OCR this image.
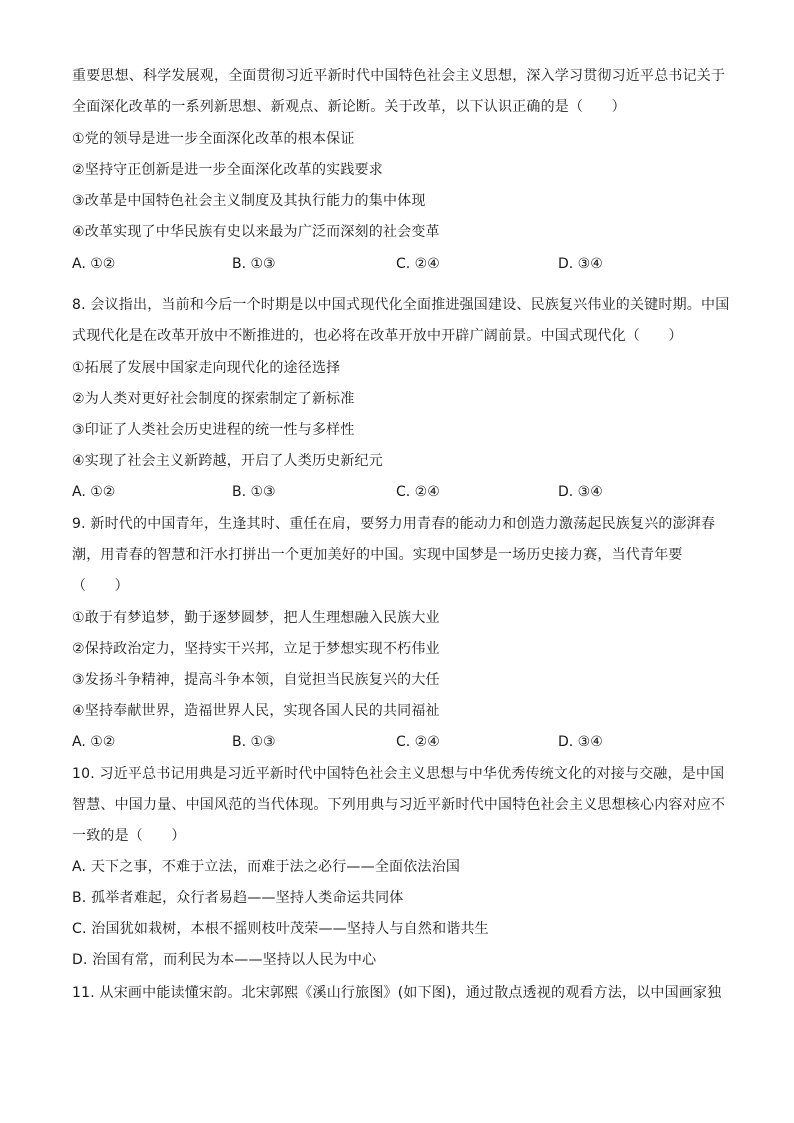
重要思想、科学发展观，全面贯彻习近平新时代中国特色社会主义思想，深入学习贯彻习近平总书记关于
全面深化改革的一系列新思想、新观点、新论断。关于改革，以下认识正确的是（　　）
①党的领导是进一步全面深化改革的根本保证
②坚持守正创新是进一步全面深化改革的实践要求
③改革是中国特色社会主义制度及其执行能力的集中体现
④改革实现了中华民族有史以来最为广泛而深刻的社会变革
A. ①②	B. ①③	C. ②④	D. ③④
8. 会议指出，当前和今后一个时期是以中国式现代化全面推进强国建设、民族复兴伟业的关键时期。中国
式现代化是在改革开放中不断推进的，也必将在改革开放中开辟广阔前景。中国式现代化（　　）
①拓展了发展中国家走向现代化的途径选择
②为人类对更好社会制度的探索制定了新标准
③印证了人类社会历史进程的统一性与多样性
④实现了社会主义新跨越，开启了人类历史新纪元
A. ①②	B. ①③	C. ②④	D. ③④
9. 新时代的中国青年，生逢其时、重任在肩，要努力用青春的能动力和创造力激荡起民族复兴的澎湃春
潮，用青春的智慧和汗水打拼出一个更加美好的中国。实现中国梦是一场历史接力赛，当代青年要
（　　）
①敢于有梦追梦，勤于逐梦圆梦，把人生理想融入民族大业
②保持政治定力，坚持实干兴邦，立足于梦想实现不朽伟业
③发扬斗争精神，提高斗争本领，自觉担当民族复兴的大任
④坚持奉献世界，造福世界人民，实现各国人民的共同福祉
A. ①②	B. ①③	C. ②④	D. ③④
10. 习近平总书记用典是习近平新时代中国特色社会主义思想与中华优秀传统文化的对接与交融，是中国
智慧、中国力量、中国风范的当代体现。下列用典与习近平新时代中国特色社会主义思想核心内容对应不
一致的是（　　）
A. 天下之事，不难于立法，而难于法之必行——全面依法治国
B. 孤举者难起，众行者易趋——坚持人类命运共同体
C. 治国犹如栽树，本根不摇则枝叶茂荣——坚持人与自然和谐共生
D. 治国有常，而利民为本——坚持以人民为中心
11. 从宋画中能读懂宋韵。北宋郭熙《溪山行旅图》(如下图)，通过散点透视的观看方法，以中国画家独
